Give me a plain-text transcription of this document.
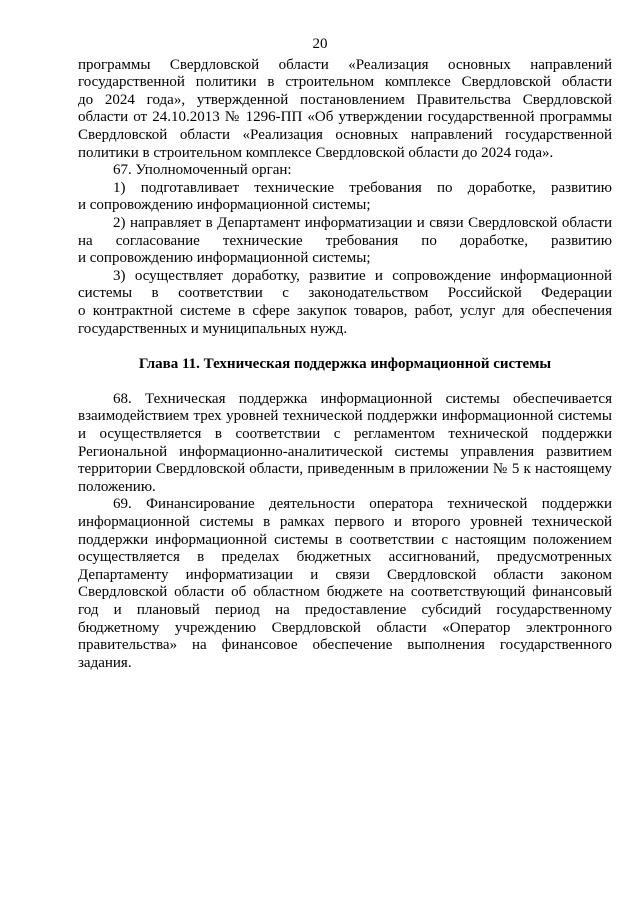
20

программы Свердловской области «Реализация основных направлений государственной политики в строительном комплексе Свердловской области до 2024 года», утвержденной постановлением Правительства Свердловской области от 24.10.2013 № 1296-ПП «Об утверждении государственной программы Свердловской области «Реализация основных направлений государственной политики в строительном комплексе Свердловской области до 2024 года».

67. Уполномоченный орган:

1) подготавливает технические требования по доработке, развитию и сопровождению информационной системы;

2) направляет в Департамент информатизации и связи Свердловской области на согласование технические требования по доработке, развитию и сопровождению информационной системы;

3) осуществляет доработку, развитие и сопровождение информационной системы в соответствии с законодательством Российской Федерации о контрактной системе в сфере закупок товаров, работ, услуг для обеспечения государственных и муниципальных нужд.

Глава 11. Техническая поддержка информационной системы

68. Техническая поддержка информационной системы обеспечивается взаимодействием трех уровней технической поддержки информационной системы и осуществляется в соответствии с регламентом технической поддержки Региональной информационно-аналитической системы управления развитием территории Свердловской области, приведенным в приложении № 5 к настоящему положению.

69. Финансирование деятельности оператора технической поддержки информационной системы в рамках первого и второго уровней технической поддержки информационной системы в соответствии с настоящим положением осуществляется в пределах бюджетных ассигнований, предусмотренных Департаменту информатизации и связи Свердловской области законом Свердловской области об областном бюджете на соответствующий финансовый год и плановый период на предоставление субсидий государственному бюджетному учреждению Свердловской области «Оператор электронного правительства» на финансовое обеспечение выполнения государственного задания.
